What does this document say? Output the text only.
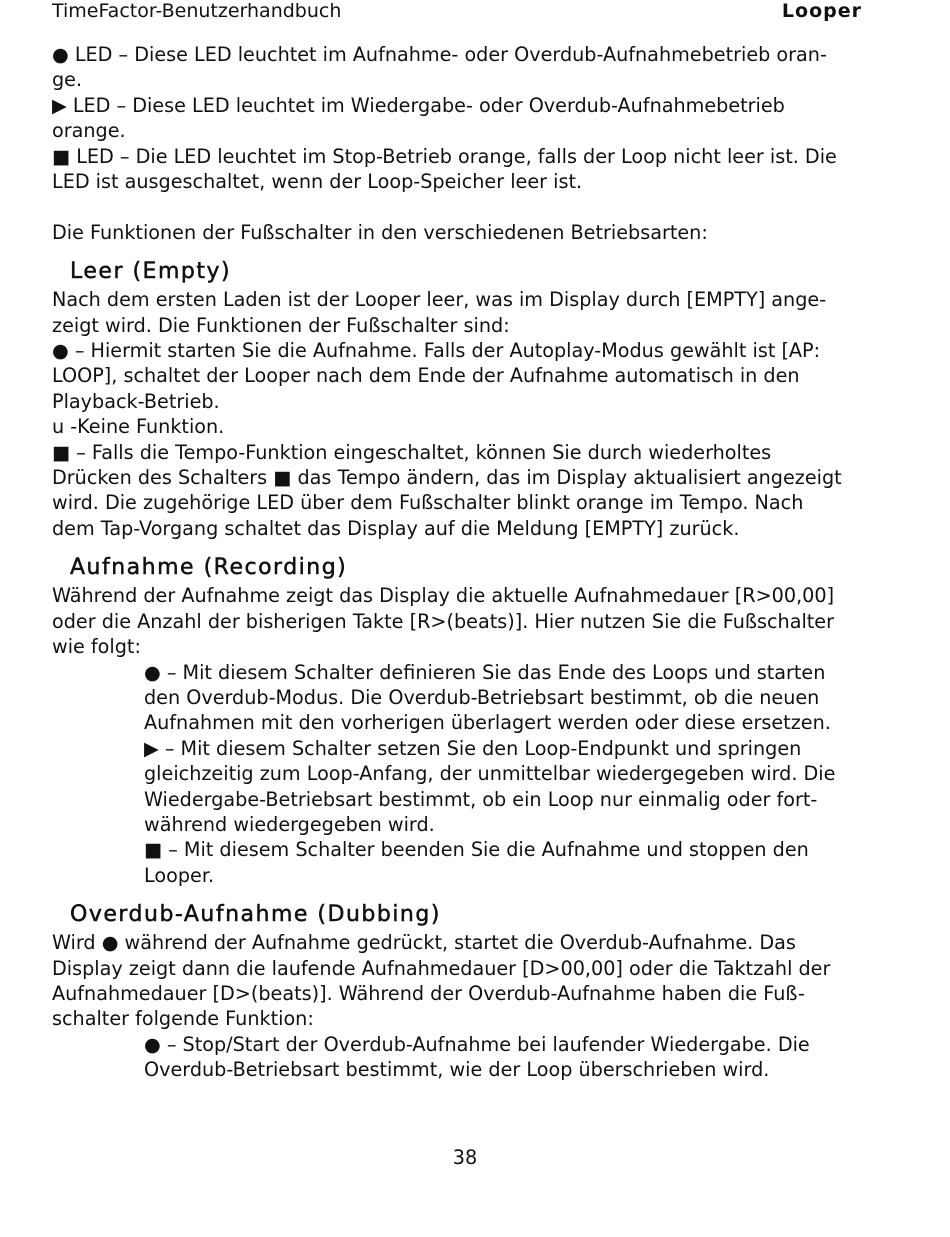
TimeFactor-Benutzerhandbuch	Looper

● LED – Diese LED leuchtet im Aufnahme- oder Overdub-Aufnahmebetrieb oran-

ge.

▶ LED – Diese LED leuchtet im Wiedergabe- oder Overdub-Aufnahmebetrieb

orange.

■ LED – Die LED leuchtet im Stop-Betrieb orange, falls der Loop nicht leer ist. Die

LED ist ausgeschaltet, wenn der Loop-Speicher leer ist.

Die Funktionen der Fußschalter in den verschiedenen Betriebsarten:

Leer (Empty)

Nach dem ersten Laden ist der Looper leer, was im Display durch [EMPTY] ange-

zeigt wird. Die Funktionen der Fußschalter sind:

● – Hiermit starten Sie die Aufnahme. Falls der Autoplay-Modus gewählt ist [AP:

LOOP], schaltet der Looper nach dem Ende der Aufnahme automatisch in den

Playback-Betrieb.

u -Keine Funktion.

■ – Falls die Tempo-Funktion eingeschaltet, können Sie durch wiederholtes

Drücken des Schalters ■ das Tempo ändern, das im Display aktualisiert angezeigt

wird. Die zugehörige LED über dem Fußschalter blinkt orange im Tempo. Nach

dem Tap-Vorgang schaltet das Display auf die Meldung [EMPTY] zurück.

Aufnahme (Recording)

Während der Aufnahme zeigt das Display die aktuelle Aufnahmedauer [R>00,00]

oder die Anzahl der bisherigen Takte [R>(beats)]. Hier nutzen Sie die Fußschalter

wie folgt:

● – Mit diesem Schalter definieren Sie das Ende des Loops und starten

den Overdub-Modus. Die Overdub-Betriebsart bestimmt, ob die neuen

Aufnahmen mit den vorherigen überlagert werden oder diese ersetzen.

▶ – Mit diesem Schalter setzen Sie den Loop-Endpunkt und springen

gleichzeitig zum Loop-Anfang, der unmittelbar wiedergegeben wird. Die

Wiedergabe-Betriebsart bestimmt, ob ein Loop nur einmalig oder fort-

während wiedergegeben wird.

■ – Mit diesem Schalter beenden Sie die Aufnahme und stoppen den

Looper.

Overdub-Aufnahme (Dubbing)

Wird ● während der Aufnahme gedrückt, startet die Overdub-Aufnahme. Das

Display zeigt dann die laufende Aufnahmedauer [D>00,00] oder die Taktzahl der

Aufnahmedauer [D>(beats)]. Während der Overdub-Aufnahme haben die Fuß-

schalter folgende Funktion:

● – Stop/Start der Overdub-Aufnahme bei laufender Wiedergabe. Die

Overdub-Betriebsart bestimmt, wie der Loop überschrieben wird.

38
